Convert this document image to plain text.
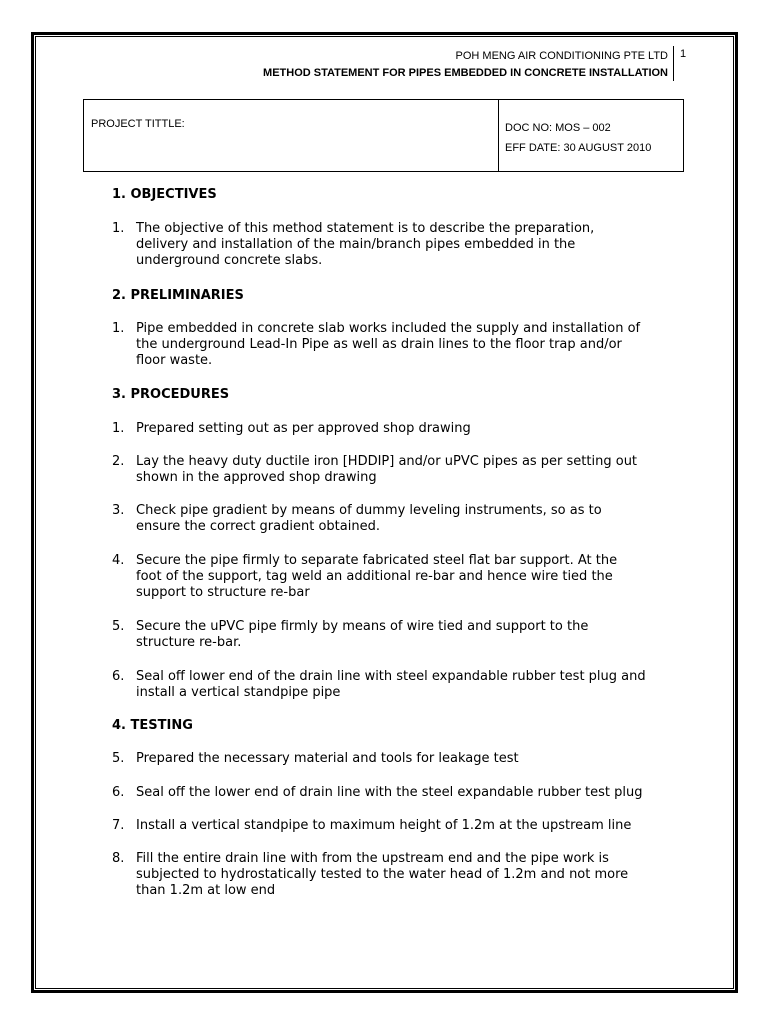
POH MENG AIR CONDITIONING PTE LTD
METHOD STATEMENT FOR PIPES EMBEDDED IN CONCRETE INSTALLATION
1
PROJECT TITTLE:	DOC NO: MOS – 002
EFF DATE: 30 AUGUST 2010
1. OBJECTIVES
1. The objective of this method statement is to describe the preparation,
delivery and installation of the main/branch pipes embedded in the
underground concrete slabs.
2. PRELIMINARIES
1. Pipe embedded in concrete slab works included the supply and installation of
the underground Lead-In Pipe as well as drain lines to the floor trap and/or
floor waste.
3. PROCEDURES
1. Prepared setting out as per approved shop drawing
2. Lay the heavy duty ductile iron [HDDIP] and/or uPVC pipes as per setting out
shown in the approved shop drawing
3. Check pipe gradient by means of dummy leveling instruments, so as to
ensure the correct gradient obtained.
4. Secure the pipe firmly to separate fabricated steel flat bar support. At the
foot of the support, tag weld an additional re-bar and hence wire tied the
support to structure re-bar
5. Secure the uPVC pipe firmly by means of wire tied and support to the
structure re-bar.
6. Seal off lower end of the drain line with steel expandable rubber test plug and
install a vertical standpipe pipe
4. TESTING
5. Prepared the necessary material and tools for leakage test
6. Seal off the lower end of drain line with the steel expandable rubber test plug
7. Install a vertical standpipe to maximum height of 1.2m at the upstream line
8. Fill the entire drain line with from the upstream end and the pipe work is
subjected to hydrostatically tested to the water head of 1.2m and not more
than 1.2m at low end
